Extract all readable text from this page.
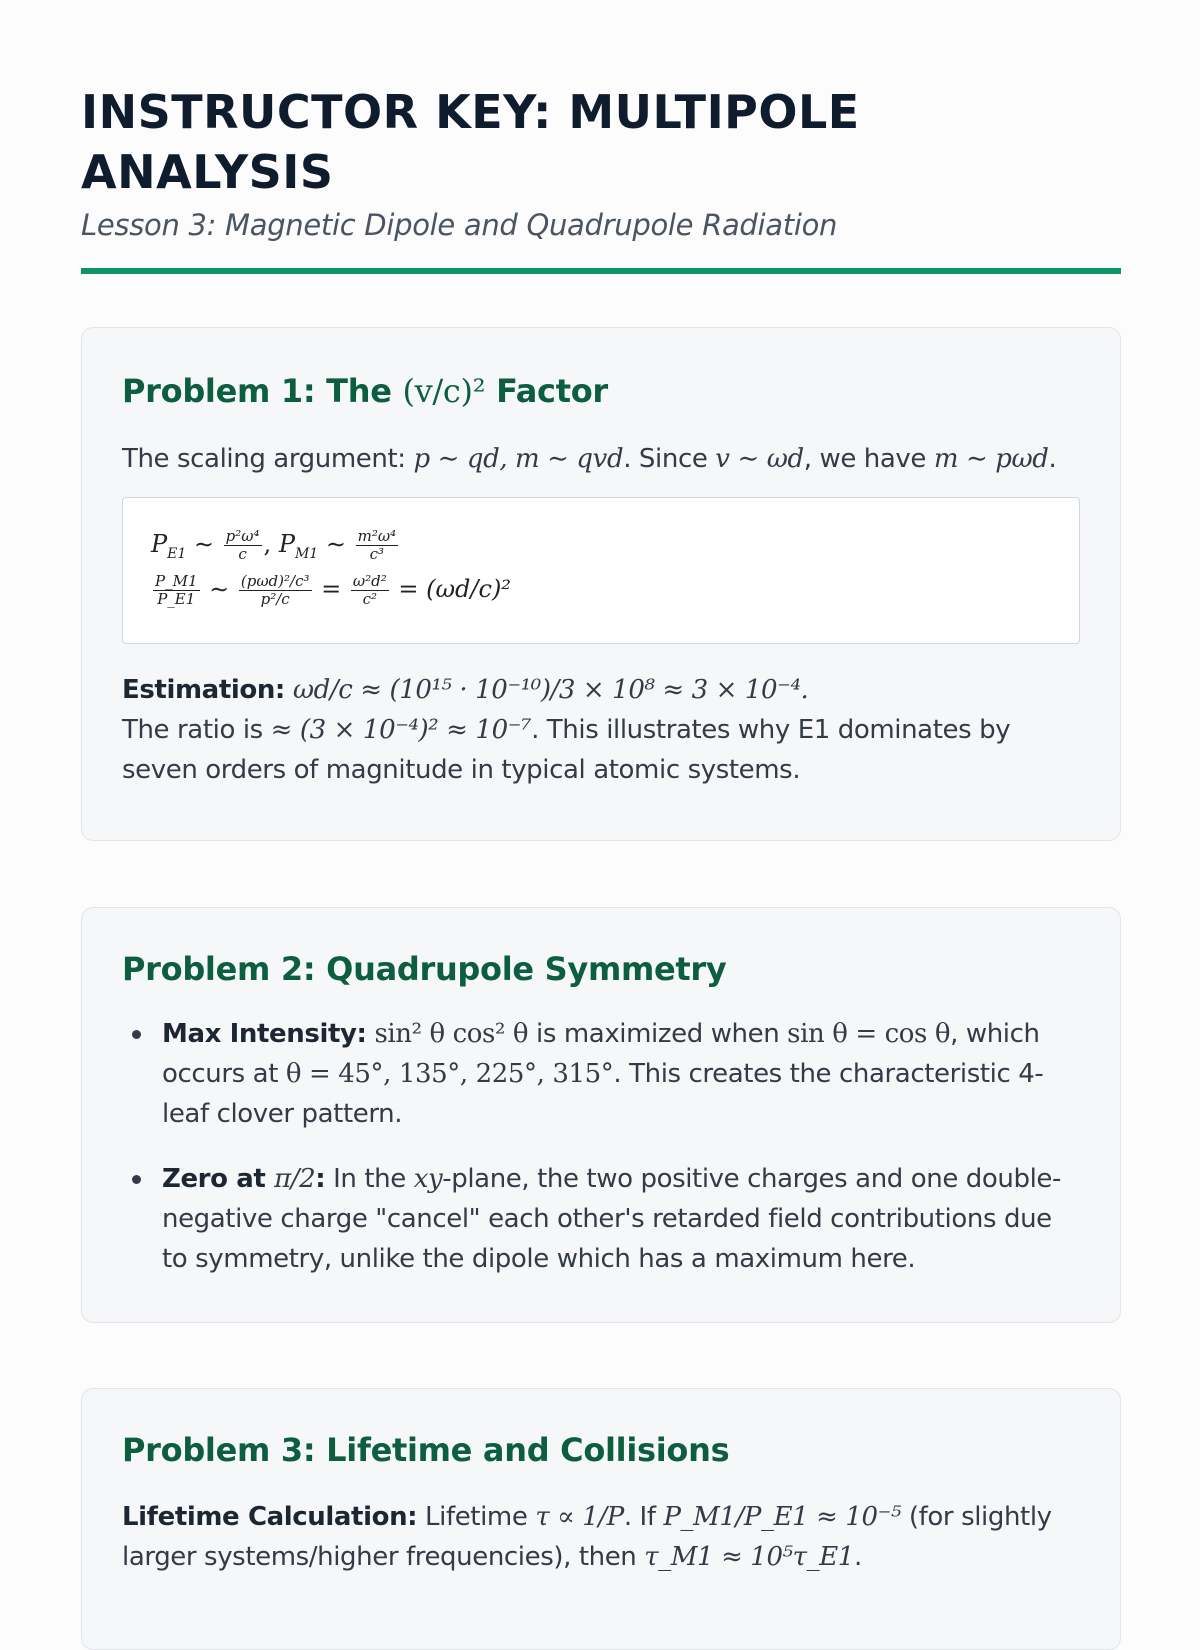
INSTRUCTOR KEY: MULTIPOLE ANALYSIS
Lesson 3: Magnetic Dipole and Quadrupole Radiation
Problem 1: The (v/c)² Factor
The scaling argument: p ∼ qd, m ∼ qvd. Since v ∼ ωd, we have m ∼ pωd.
$P_{E1}$ ∼ $\frac{\text{p²ω⁴}}{c}$ , $P_{M1}$ ∼ $\frac{\text{m²ω⁴}}{\text{c³}}$
$\frac{P\_M1}{P\_E1}$ ∼ $\frac{\text{(pωd)²/c³}}{\text{p²/c}} = \frac{\text{ω²d²}}{\text{c²}} = (\omega d/c)^2$
Estimation: ωd/c ≈ (10¹⁵ · 10⁻¹⁰)/3 × 10⁸ ≈ 3 × 10⁻⁴.
The ratio is ≈ (3 × 10⁻⁴)² ≈ 10⁻⁷. This illustrates why E1 dominates by seven orders of magnitude in typical atomic systems.
Problem 2: Quadrupole Symmetry
Max Intensity: sin² θ cos² θ is maximized when sin θ = cos θ, which occurs at θ = 45°, 135°, 225°, 315°. This creates the characteristic 4-leaf clover pattern.
Zero at π/2: In the xy-plane, the two positive charges and one double-negative charge "cancel" each other's retarded field contributions due to symmetry, unlike the dipole which has a maximum here.
Problem 3: Lifetime and Collisions
Lifetime Calculation: Lifetime τ ∝ 1/P. If P_M1/P_E1 ≈ 10⁻⁵ (for slightly larger systems/higher frequencies), then τ_M1 ≈ 10⁵τ_E1.
